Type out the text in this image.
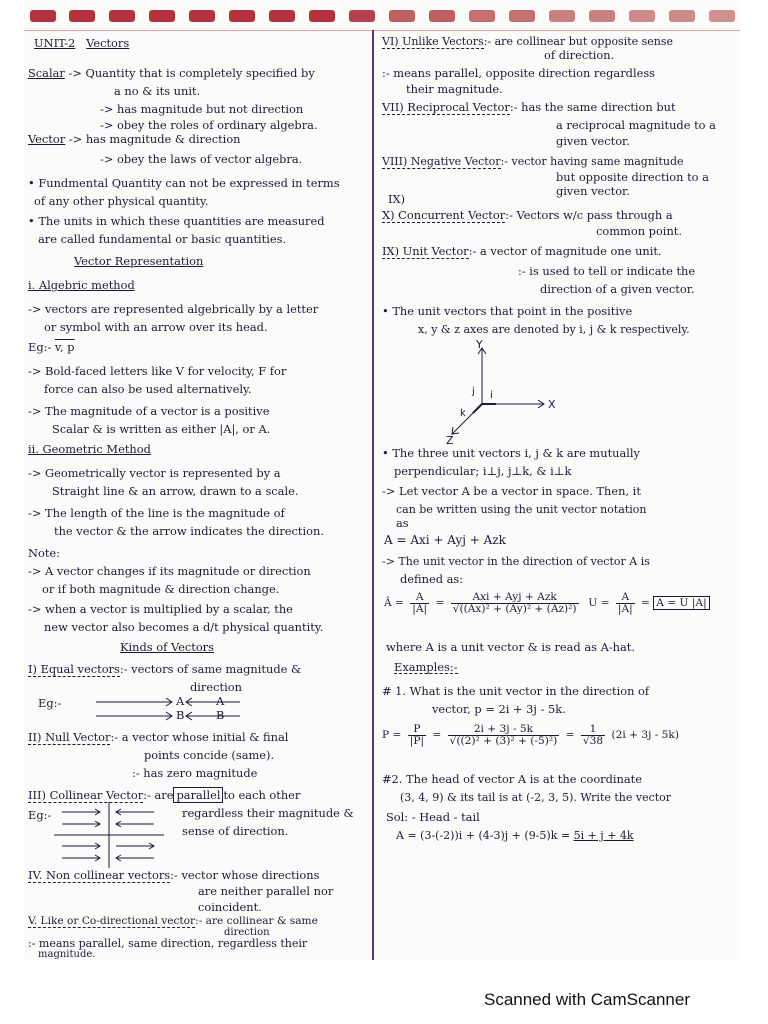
UNIT-2 Vectors
Scalar -> Quantity that is completely specified by
a no & its unit.
-> has magnitude but not direction
-> obey the roles of ordinary algebra.
Vector -> has magnitude & direction
-> obey the laws of vector algebra.
• Fundmental Quantity can not be expressed in terms
of any other physical quantity.
• The units in which these quantities are measured
are called fundamental or basic quantities.
Vector Representation
i. Algebric method
-> vectors are represented algebrically by a letter
or symbol with an arrow over its head.
Eg:- v, p
-> Bold-faced letters like V for velocity, F for
force can also be used alternatively.
-> The magnitude of a vector is a positive
Scalar & is written as either |A|, or A.
ii. Geometric Method
-> Geometrically vector is represented by a
Straight line & an arrow, drawn to a scale.
-> The length of the line is the magnitude of
the vector & the arrow indicates the direction.
Note:
-> A vector changes if its magnitude or direction
or if both magnitude & direction change.
-> when a vector is multiplied by a scalar, the
new vector also becomes a d/t physical quantity.
Kinds of Vectors
I) Equal vectors:- vectors of same magnitude &
direction
Eg:-	A	A
B	B
II) Null Vector:- a vector whose initial & final
points concide (same).
:- has zero magnitude
III) Collinear Vector:- are parallel to each other
regardless their magnitude &
Eg:-
sense of direction.
IV. Non collinear vectors:- vector whose directions
are neither parallel nor
coincident.
V. Like or Co-directional vector:- are collinear & same
direction
:- means parallel, same direction, regardless their
magnitude.
VI) Unlike Vectors:- are collinear but opposite sense
of direction.
:- means parallel, opposite direction regardless
their magnitude.
VII) Reciprocal Vector:- has the same direction but
a reciprocal magnitude to a
given vector.
VIII) Negative Vector:- vector having same magnitude
but opposite direction to a
given vector.
IX)
X) Concurrent Vector:- Vectors w/c pass through a
common point.
IX) Unit Vector:- a vector of magnitude one unit.
:- is used to tell or indicate the
direction of a given vector.
• The unit vectors that point in the positive
x, y & z axes are denoted by i, j & k respectively.
Y
X
Z
i
j
k
• The three unit vectors i, j & k are mutually
perpendicular; i⊥j, j⊥k, & i⊥k
-> Let vector A be a vector in space. Then, it
can be written using the unit vector notation
as
A = Axi + Ayj + Azk
-> The unit vector in the direction of vector A is
defined as:
Â = $\frac{A}{|A|} = \frac{\text{Axi + Ayj + Azk}}{\text{√((Ax)² + (Ay)² + (Az)²)}}$ $U = \frac{A}{|A|} = A = U$ |A|
where A is a unit vector & is read as A-hat.
Examples:-
# 1. What is the unit vector in the direction of
vector, p = 2i + 3j - 5k.
$P = \frac{P}{|P|} = \frac{2i + 3j - 5k}{\text{√((2)² + (3)² + (-5)²)}} = \frac{1}{√38} (2i + 3j - 5k)$
#2. The head of vector A is at the coordinate
(3, 4, 9) & its tail is at (-2, 3, 5). Write the vector
Sol: - Head - tail
A = (3-(-2))i + (4-3)j + (9-5)k = 5i + j + 4k
Scanned with CamScanner
